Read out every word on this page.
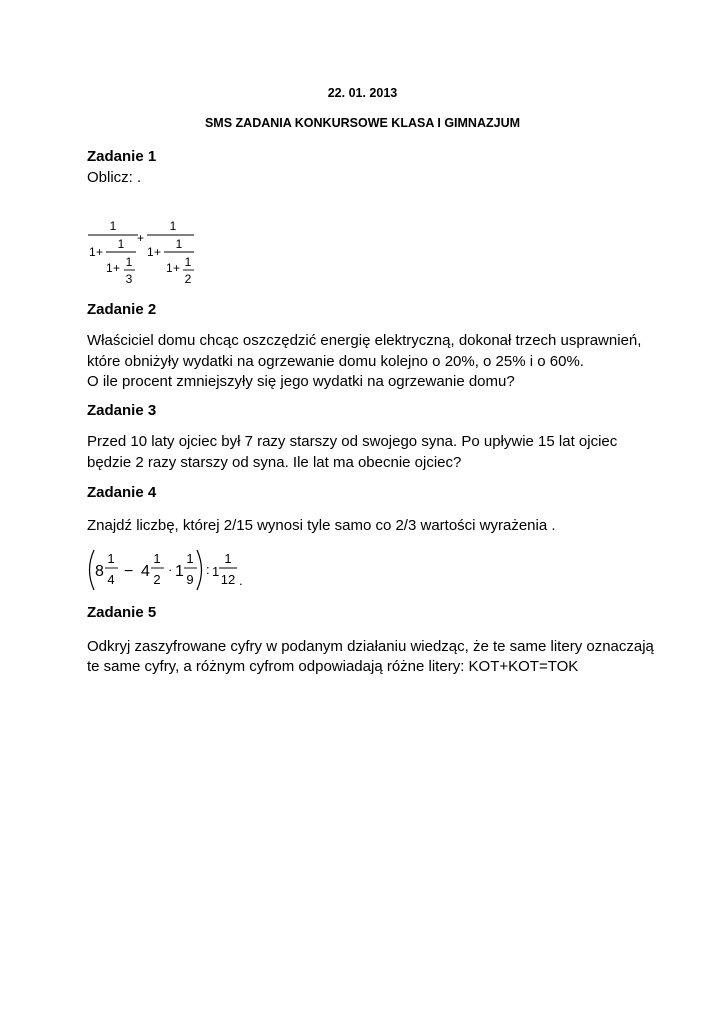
22. 01. 2013
SMS ZADANIA KONKURSOWE KLASA I GIMNAZJUM
Zadanie 1
Oblicz: .
1
1 +
1
1 + 1
3
+
1
1 +
1
1 + 1
2
Zadanie 2
Właściciel domu chcąc oszczędzić energię elektryczną, dokonał trzech usprawnień,
które obniżyły wydatki na ogrzewanie domu kolejno o 20%, o 25% i o 60%.
O ile procent zmniejszyły się jego wydatki na ogrzewanie domu?
Zadanie 3
Przed 10 laty ojciec był 7 razy starszy od swojego syna. Po upływie 15 lat ojciec
będzie 2 razy starszy od syna. Ile lat ma obecnie ojciec?
Zadanie 4
Znajdź liczbę, której 2/15 wynosi tyle samo co 2/3 wartości wyrażenia .
8 − 4 1
1
4
1
2
·
1
9
: 1
1
12 .
Zadanie 5
Odkryj zaszyfrowane cyfry w podanym działaniu wiedząc, że te same litery oznaczają
te same cyfry, a różnym cyfrom odpowiadają różne litery: KOT+KOT=TOK
